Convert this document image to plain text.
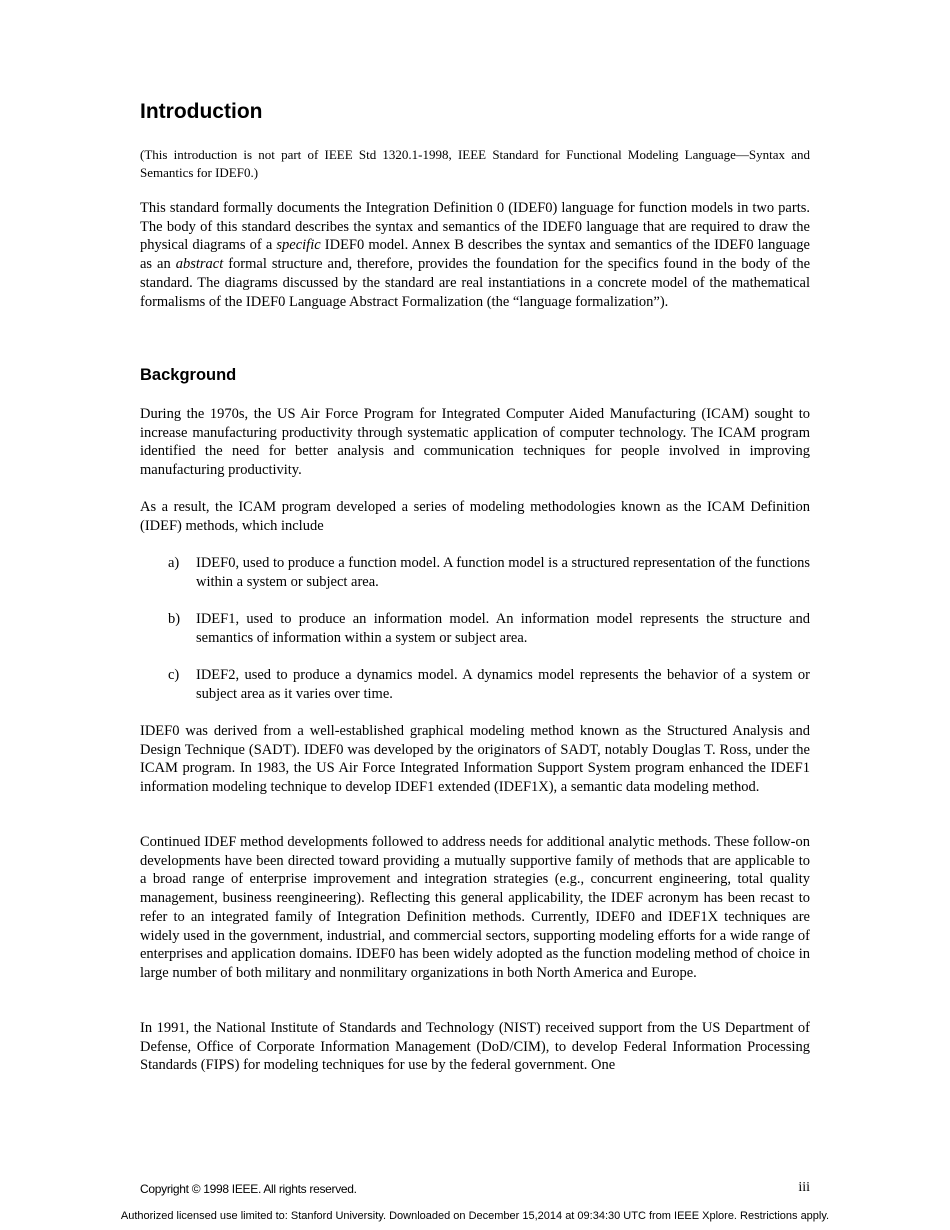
Introduction

(This introduction is not part of IEEE Std 1320.1-1998, IEEE Standard for Functional Modeling Language—Syntax and Semantics for IDEF0.)

This standard formally documents the Integration Definition 0 (IDEF0) language for function models in two parts. The body of this standard describes the syntax and semantics of the IDEF0 language that are required to draw the physical diagrams of a specific IDEF0 model. Annex B describes the syntax and semantics of the IDEF0 language as an abstract formal structure and, therefore, provides the foundation for the specifics found in the body of the standard. The diagrams discussed by the standard are real instantiations in a concrete model of the mathematical formalisms of the IDEF0 Language Abstract Formalization (the “language formalization”).

Background

During the 1970s, the US Air Force Program for Integrated Computer Aided Manufacturing (ICAM) sought to increase manufacturing productivity through systematic application of computer technology. The ICAM program identified the need for better analysis and communication techniques for people involved in improving manufacturing productivity.

As a result, the ICAM program developed a series of modeling methodologies known as the ICAM Definition (IDEF) methods, which include

a) IDEF0, used to produce a function model. A function model is a structured representation of the functions within a system or subject area.
b) IDEF1, used to produce an information model. An information model represents the structure and semantics of information within a system or subject area.
c) IDEF2, used to produce a dynamics model. A dynamics model represents the behavior of a system or subject area as it varies over time.

IDEF0 was derived from a well-established graphical modeling method known as the Structured Analysis and Design Technique (SADT). IDEF0 was developed by the originators of SADT, notably Douglas T. Ross, under the ICAM program. In 1983, the US Air Force Integrated Information Support System program enhanced the IDEF1 information modeling technique to develop IDEF1 extended (IDEF1X), a semantic data modeling method.

Continued IDEF method developments followed to address needs for additional analytic methods. These follow-on developments have been directed toward providing a mutually supportive family of methods that are applicable to a broad range of enterprise improvement and integration strategies (e.g., concurrent engineering, total quality management, business reengineering). Reflecting this general applicability, the IDEF acronym has been recast to refer to an integrated family of Integration Definition methods. Currently, IDEF0 and IDEF1X techniques are widely used in the government, industrial, and commercial sectors, supporting modeling efforts for a wide range of enterprises and application domains. IDEF0 has been widely adopted as the function modeling method of choice in large number of both military and nonmilitary organizations in both North America and Europe.

In 1991, the National Institute of Standards and Technology (NIST) received support from the US Department of Defense, Office of Corporate Information Management (DoD/CIM), to develop Federal Information Processing Standards (FIPS) for modeling techniques for use by the federal government. One

Copyright © 1998 IEEE. All rights reserved.	iii
Authorized licensed use limited to: Stanford University. Downloaded on December 15,2014 at 09:34:30 UTC from IEEE Xplore. Restrictions apply.
